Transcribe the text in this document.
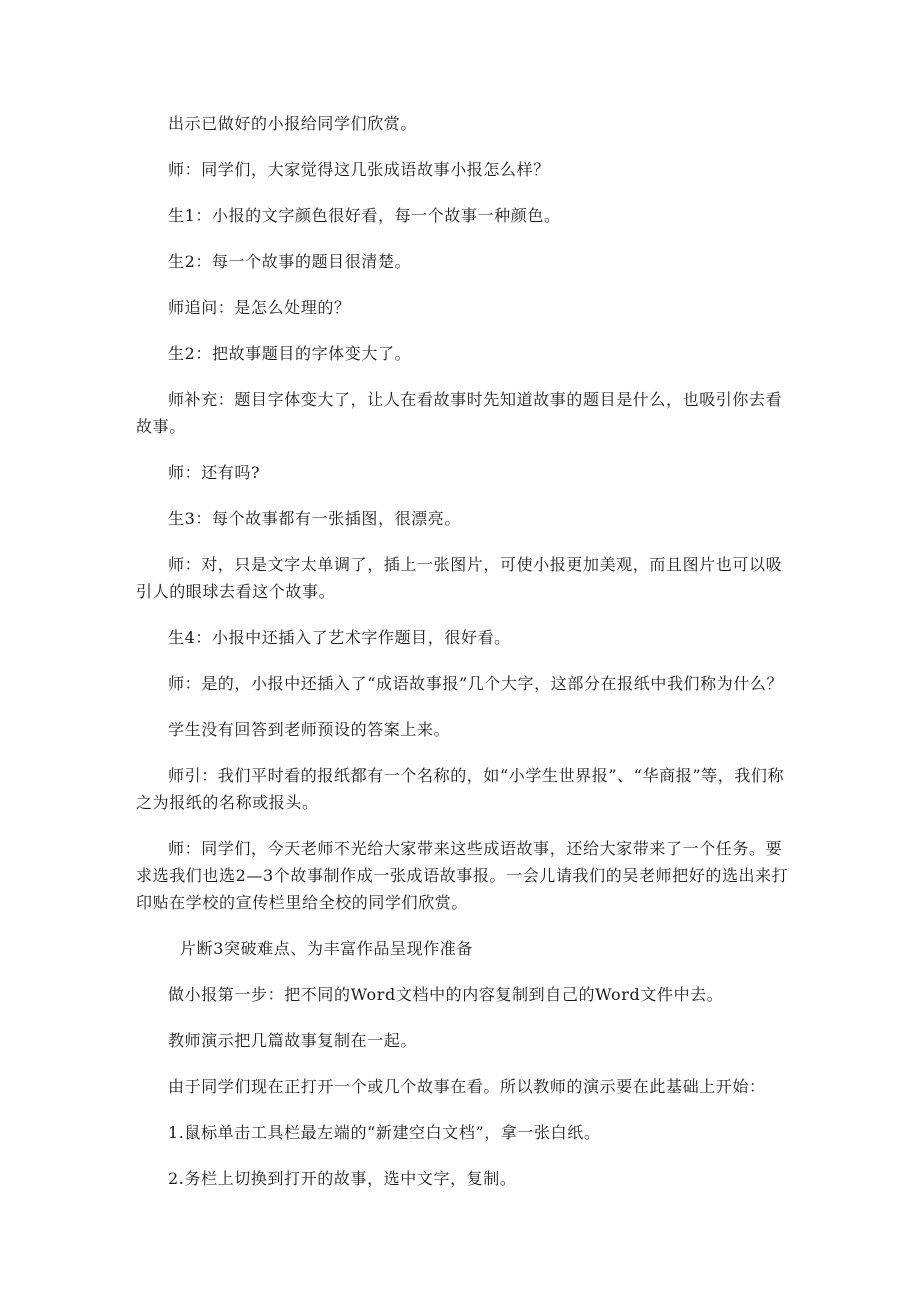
出示已做好的小报给同学们欣赏。

师：同学们，大家觉得这几张成语故事小报怎么样？

生1：小报的文字颜色很好看，每一个故事一种颜色。

生2：每一个故事的题目很清楚。

师追问：是怎么处理的？

生2：把故事题目的字体变大了。

师补充：题目字体变大了，让人在看故事时先知道故事的题目是什么，也吸引你去看故事。

师：还有吗?

生3：每个故事都有一张插图，很漂亮。

师：对，只是文字太单调了，插上一张图片，可使小报更加美观，而且图片也可以吸引人的眼球去看这个故事。

生4：小报中还插入了艺术字作题目，很好看。

师：是的，小报中还插入了“成语故事报”几个大字，这部分在报纸中我们称为什么？

学生没有回答到老师预设的答案上来。

师引：我们平时看的报纸都有一个名称的，如“小学生世界报”、“华商报”等，我们称之为报纸的名称或报头。

师：同学们，今天老师不光给大家带来这些成语故事，还给大家带来了一个任务。要求选我们也选2—3个故事制作成一张成语故事报。一会儿请我们的吴老师把好的选出来打印贴在学校的宣传栏里给全校的同学们欣赏。

片断3突破难点、为丰富作品呈现作准备

做小报第一步：把不同的Word文档中的内容复制到自己的Word文件中去。

教师演示把几篇故事复制在一起。

由于同学们现在正打开一个或几个故事在看。所以教师的演示要在此基础上开始：

1.鼠标单击工具栏最左端的“新建空白文档”，拿一张白纸。

2.务栏上切换到打开的故事，选中文字，复制。
